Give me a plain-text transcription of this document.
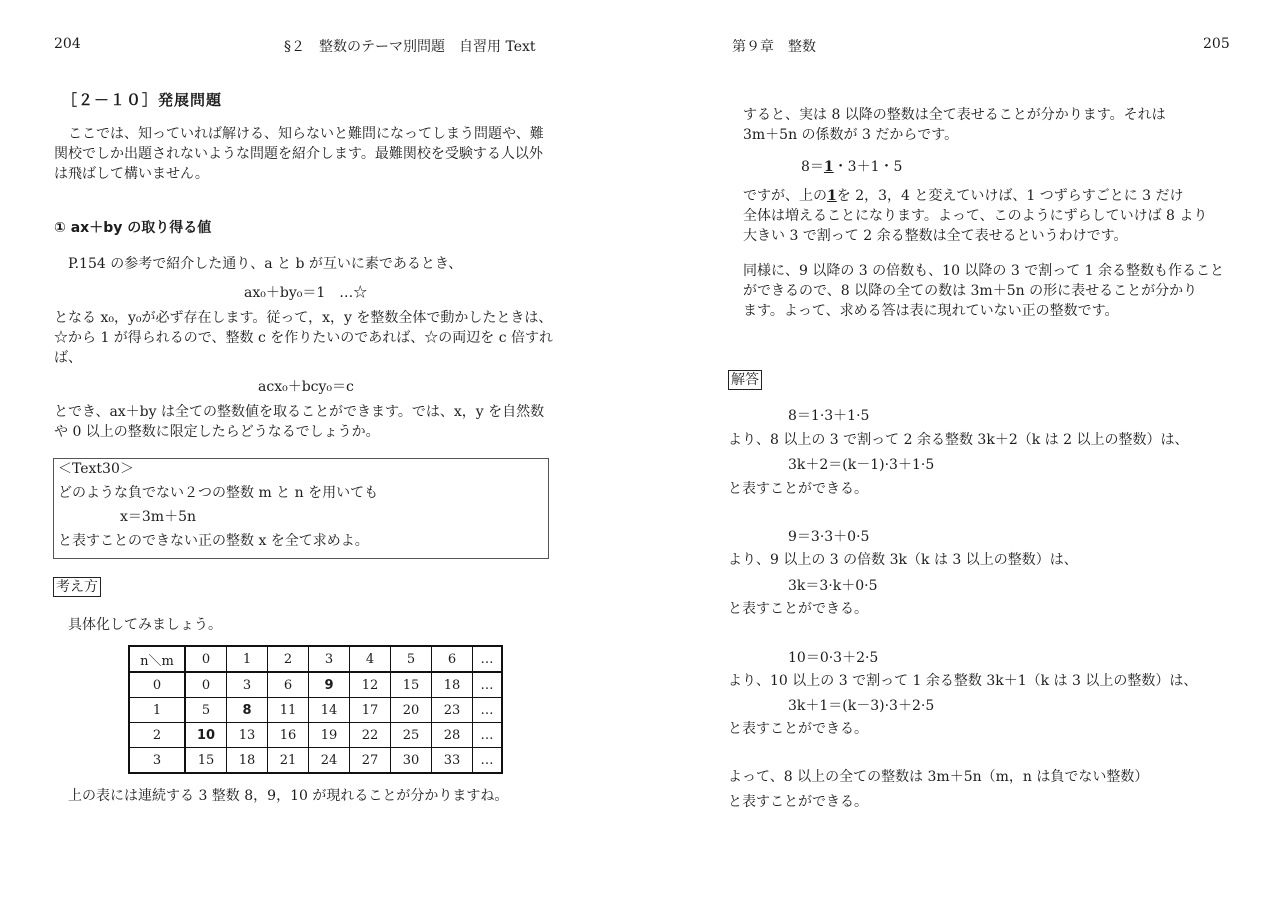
204	§２　整数のテーマ別問題　自習用 Text
［２－１０］発展問題
ここでは、知っていれば解ける、知らないと難問になってしまう問題や、難関校でしか出題されないような問題を紹介します。最難関校を受験する人以外は飛ばして構いません。
① ax＋by の取り得る値
P.154 の参考で紹介した通り、a と b が互いに素であるとき、
ax₀＋by₀＝1　…☆
となる x₀，y₀が必ず存在します。従って，x，y を整数全体で動かしたときは、☆から 1 が得られるので、整数 c を作りたいのであれば、☆の両辺を c 倍すれば、
acx₀＋bcy₀＝c
とでき、ax＋by は全ての整数値を取ることができます。では、x，y を自然数や 0 以上の整数に限定したらどうなるでしょうか。
＜Text30＞
どのような負でない２つの整数 m と n を用いても
x＝3m＋5n
と表すことのできない正の整数 x を全て求めよ。
考え方
具体化してみましょう。
n＼m	0	1	2	3	4	5	6	…
0	0	3	6	9	12	15	18	…
1	5	8	11	14	17	20	23	…
2	10	13	16	19	22	25	28	…
3	15	18	21	24	27	30	33	…
上の表には連続する 3 整数 8，9，10 が現れることが分かりますね。
第９章　整数	205
すると、実は 8 以降の整数は全て表せることが分かります。それは
3m＋5n の係数が 3 だからです。
8＝1・3＋1・5
ですが、上の1を 2，3，4 と変えていけば、1 つずらすごとに 3 だけ
全体は増えることになります。よって、このようにずらしていけば 8 より
大きい 3 で割って 2 余る整数は全て表せるというわけです。
同様に、9 以降の 3 の倍数も、10 以降の 3 で割って 1 余る整数も作ること
ができるので、8 以降の全ての数は 3m＋5n の形に表せることが分かり
ます。よって、求める答は表に現れていない正の整数です。
解答
8＝1·3＋1·5
より、8 以上の 3 で割って 2 余る整数 3k＋2（k は 2 以上の整数）は、
3k＋2＝(k－1)·3＋1·5
と表すことができる。
9＝3·3＋0·5
より、9 以上の 3 の倍数 3k（k は 3 以上の整数）は、
3k＝3·k＋0·5
と表すことができる。
10＝0·3＋2·5
より、10 以上の 3 で割って 1 余る整数 3k＋1（k は 3 以上の整数）は、
3k＋1＝(k－3)·3＋2·5
と表すことができる。
よって、8 以上の全ての整数は 3m＋5n（m，n は負でない整数）
と表すことができる。
